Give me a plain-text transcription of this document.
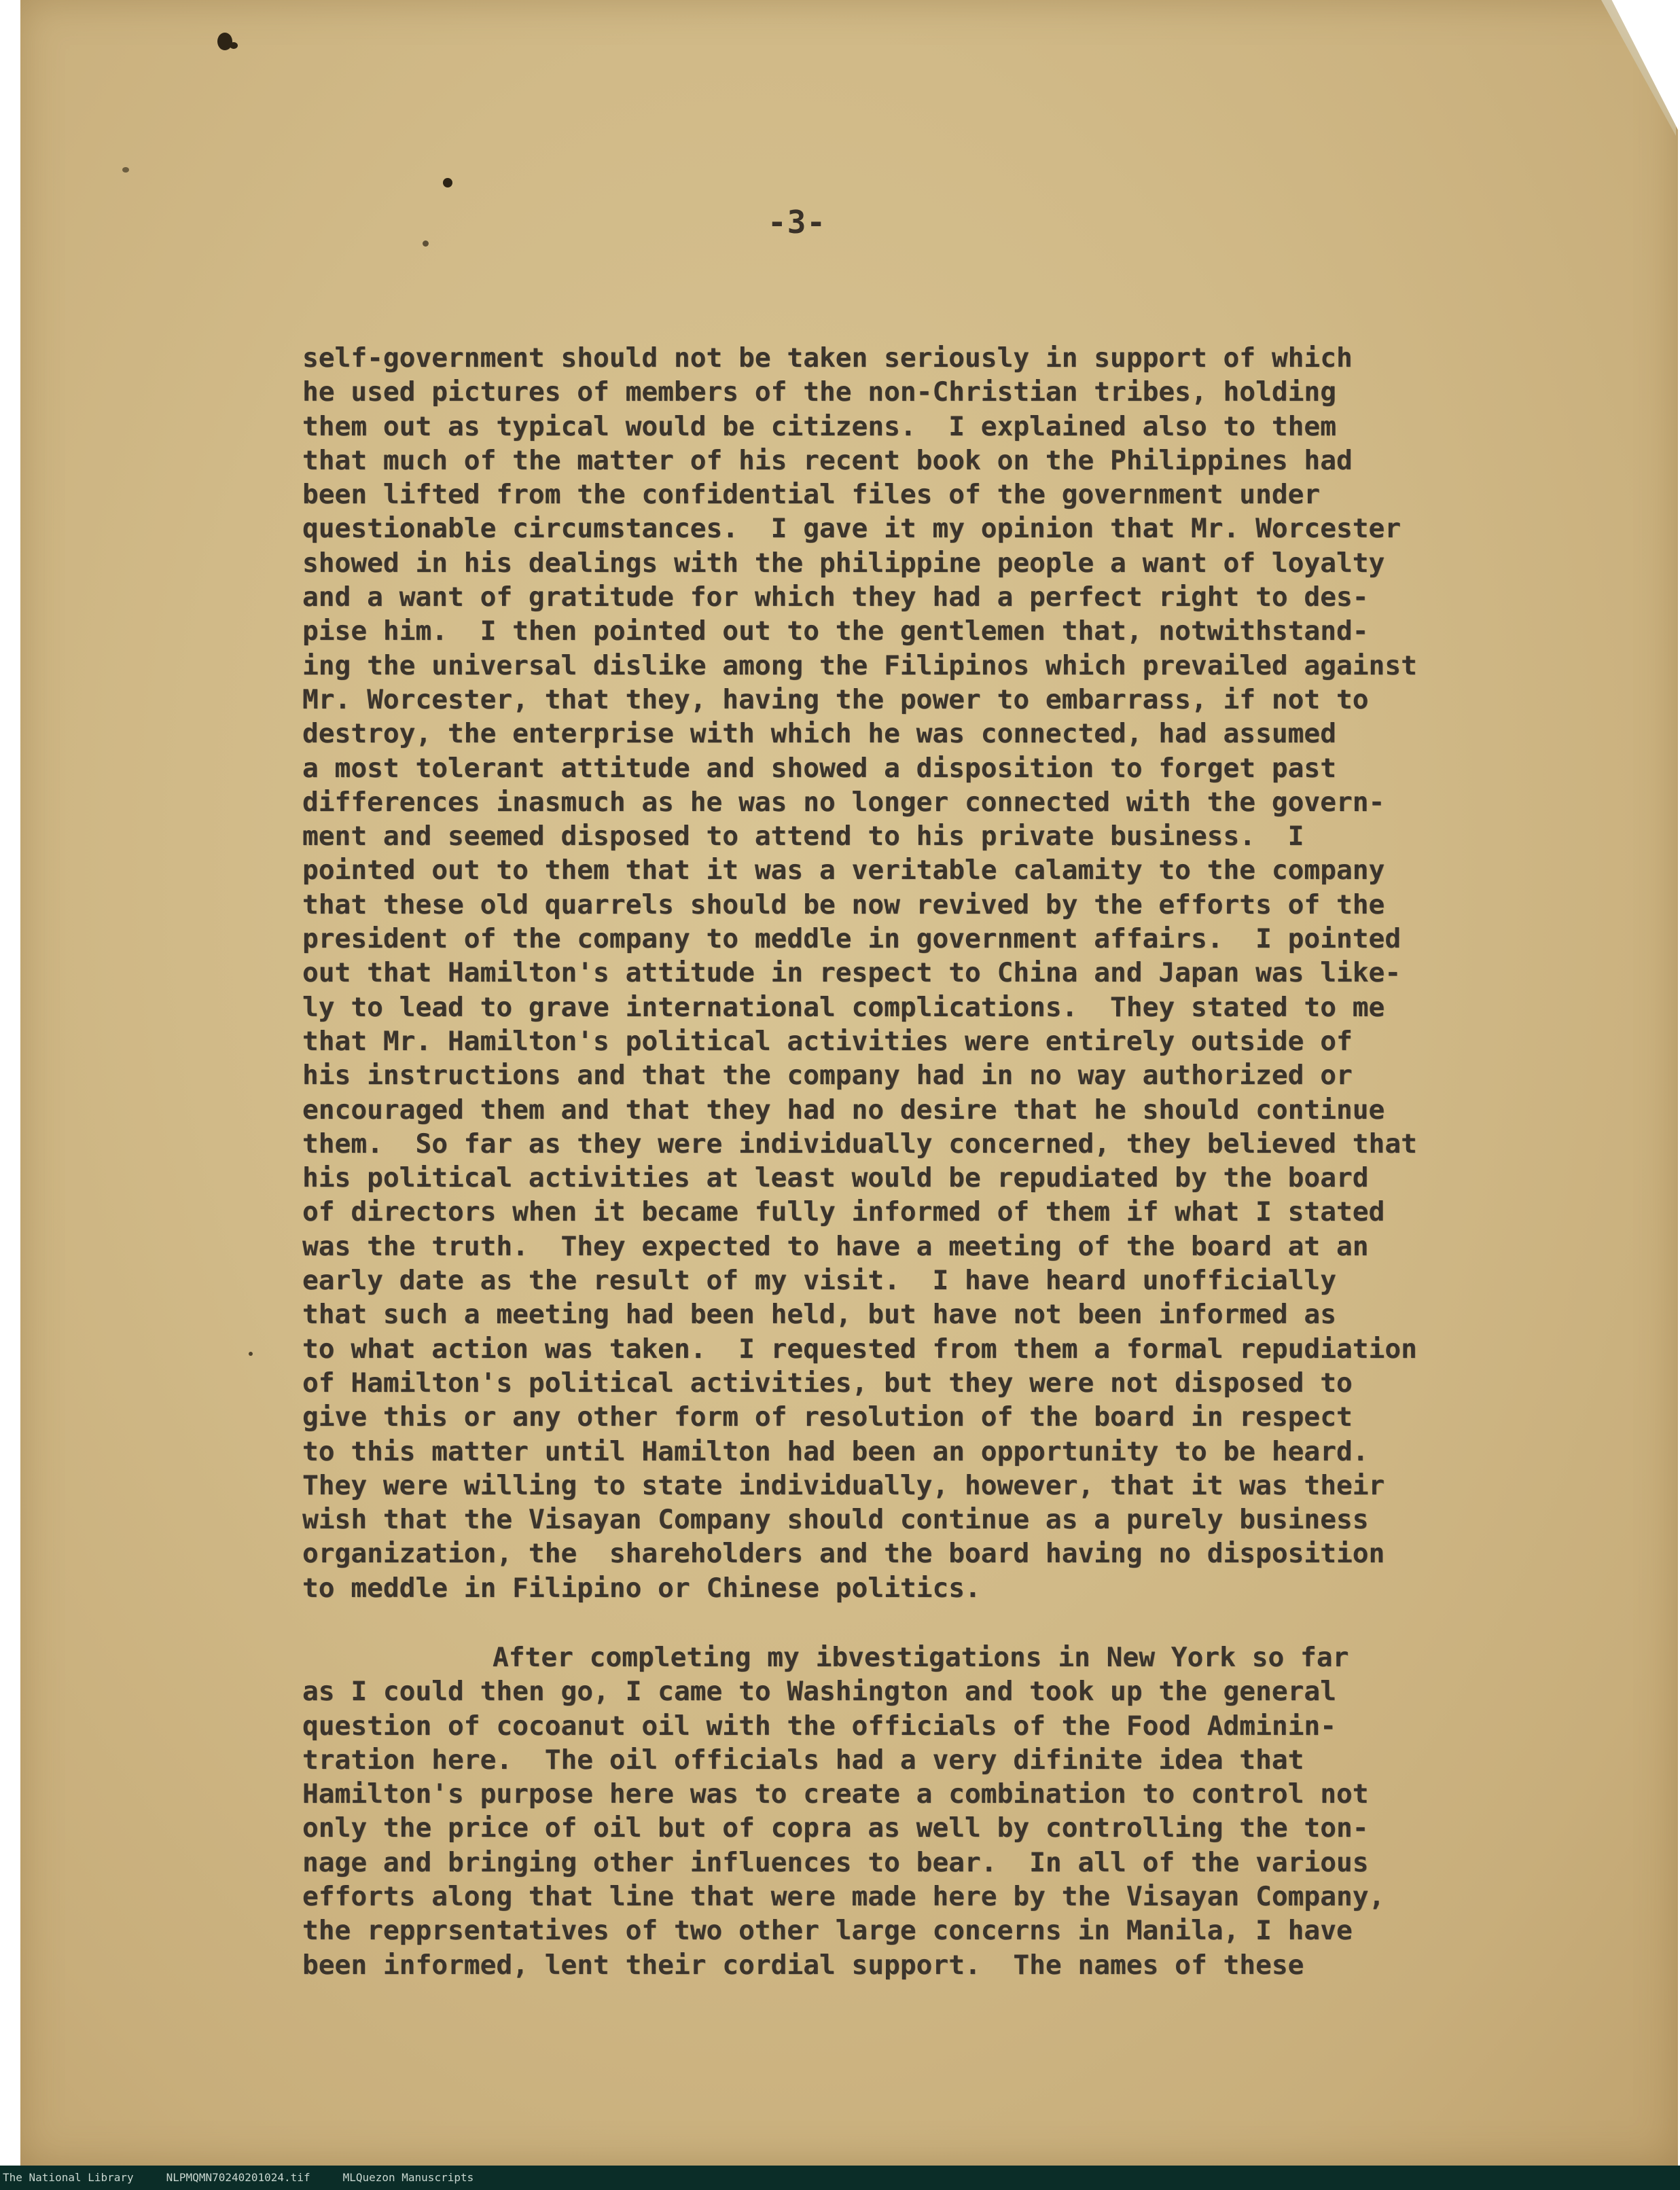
-3-
self-government should not be taken seriously in support of which
he used pictures of members of the non-Christian tribes, holding
them out as typical would be citizens.  I explained also to them
that much of the matter of his recent book on the Philippines had
been lifted from the confidential files of the government under
questionable circumstances.  I gave it my opinion that Mr. Worcester
showed in his dealings with the philippine people a want of loyalty
and a want of gratitude for which they had a perfect right to des-
pise him.  I then pointed out to the gentlemen that, notwithstand-
ing the universal dislike among the Filipinos which prevailed against
Mr. Worcester, that they, having the power to embarrass, if not to
destroy, the enterprise with which he was connected, had assumed
a most tolerant attitude and showed a disposition to forget past
differences inasmuch as he was no longer connected with the govern-
ment and seemed disposed to attend to his private business.  I
pointed out to them that it was a veritable calamity to the company
that these old quarrels should be now revived by the efforts of the
president of the company to meddle in government affairs.  I pointed
out that Hamilton's attitude in respect to China and Japan was like-
ly to lead to grave international complications.  They stated to me
that Mr. Hamilton's political activities were entirely outside of
his instructions and that the company had in no way authorized or
encouraged them and that they had no desire that he should continue
them.  So far as they were individually concerned, they believed that
his political activities at least would be repudiated by the board
of directors when it became fully informed of them if what I stated
was the truth.  They expected to have a meeting of the board at an
early date as the result of my visit.  I have heard unofficially
that such a meeting had been held, but have not been informed as
to what action was taken.  I requested from them a formal repudiation
of Hamilton's political activities, but they were not disposed to
give this or any other form of resolution of the board in respect
to this matter until Hamilton had been an opportunity to be heard.
They were willing to state individually, however, that it was their
wish that the Visayan Company should continue as a purely business
organization, the  shareholders and the board having no disposition
to meddle in Filipino or Chinese politics.
After completing my ibvestigations in New York so far
as I could then go, I came to Washington and took up the general
question of cocoanut oil with the officials of the Food Adminin-
tration here.  The oil officials had a very difinite idea that
Hamilton's purpose here was to create a combination to control not
only the price of oil but of copra as well by controlling the ton-
nage and bringing other influences to bear.  In all of the various
efforts along that line that were made here by the Visayan Company,
the repprsentatives of two other large concerns in Manila, I have
been informed, lent their cordial support.  The names of these
The National Library	NLPMQMN70240201024.tif	MLQuezon Manuscripts
